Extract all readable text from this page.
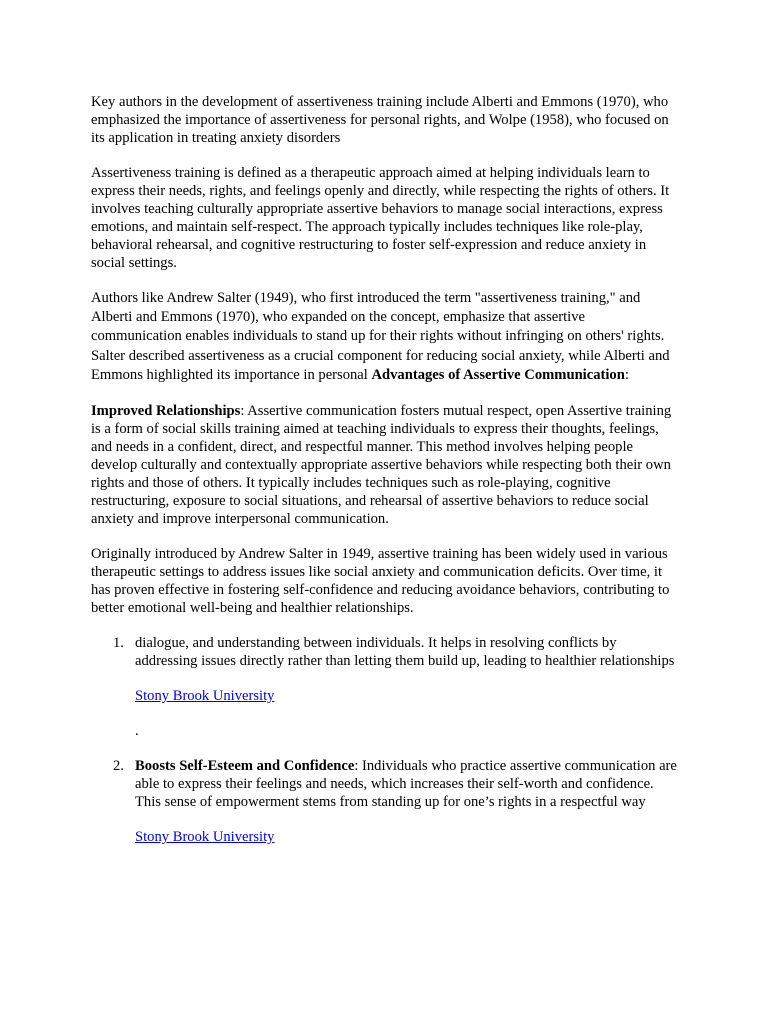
Key authors in the development of assertiveness training include Alberti and Emmons (1970), who emphasized the importance of assertiveness for personal rights, and Wolpe (1958), who focused on its application in treating anxiety disorders

Assertiveness training is defined as a therapeutic approach aimed at helping individuals learn to express their needs, rights, and feelings openly and directly, while respecting the rights of others. It involves teaching culturally appropriate assertive behaviors to manage social interactions, express emotions, and maintain self-respect. The approach typically includes techniques like role-play, behavioral rehearsal, and cognitive restructuring to foster self-expression and reduce anxiety in social settings.

Authors like Andrew Salter (1949), who first introduced the term "assertiveness training," and Alberti and Emmons (1970), who expanded on the concept, emphasize that assertive communication enables individuals to stand up for their rights without infringing on others' rights. Salter described assertiveness as a crucial component for reducing social anxiety, while Alberti and Emmons highlighted its importance in personal Advantages of Assertive Communication:

Improved Relationships: Assertive communication fosters mutual respect, open Assertive training is a form of social skills training aimed at teaching individuals to express their thoughts, feelings, and needs in a confident, direct, and respectful manner. This method involves helping people develop culturally and contextually appropriate assertive behaviors while respecting both their own rights and those of others. It typically includes techniques such as role-playing, cognitive restructuring, exposure to social situations, and rehearsal of assertive behaviors to reduce social anxiety and improve interpersonal communication.

Originally introduced by Andrew Salter in 1949, assertive training has been widely used in various therapeutic settings to address issues like social anxiety and communication deficits. Over time, it has proven effective in fostering self-confidence and reducing avoidance behaviors, contributing to better emotional well-being and healthier relationships.

1. dialogue, and understanding between individuals. It helps in resolving conflicts by addressing issues directly rather than letting them build up, leading to healthier relationships
Stony Brook University
.
2. Boosts Self-Esteem and Confidence: Individuals who practice assertive communication are able to express their feelings and needs, which increases their self-worth and confidence. This sense of empowerment stems from standing up for one’s rights in a respectful way
Stony Brook University
